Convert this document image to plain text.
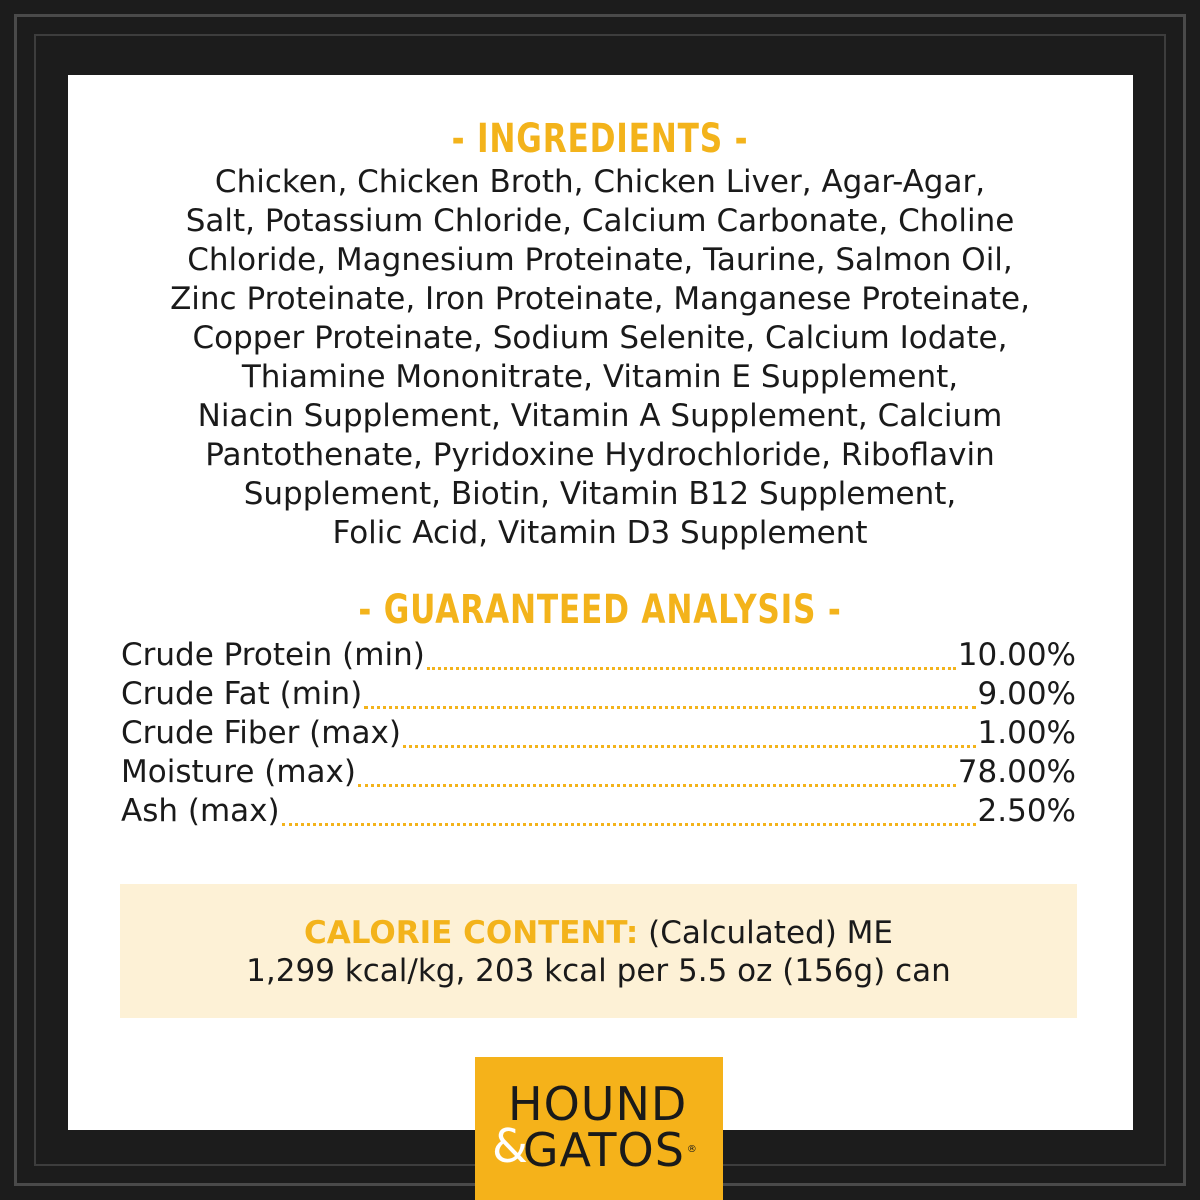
- INGREDIENTS -
Chicken, Chicken Broth, Chicken Liver, Agar-Agar,
Salt, Potassium Chloride, Calcium Carbonate, Choline
Chloride, Magnesium Proteinate, Taurine, Salmon Oil,
Zinc Proteinate, Iron Proteinate, Manganese Proteinate,
Copper Proteinate, Sodium Selenite, Calcium Iodate,
Thiamine Mononitrate, Vitamin E Supplement,
Niacin Supplement, Vitamin A Supplement, Calcium
Pantothenate, Pyridoxine Hydrochloride, Riboflavin
Supplement, Biotin, Vitamin B12 Supplement,
Folic Acid, Vitamin D3 Supplement
- GUARANTEED ANALYSIS -
Crude Protein (min)	10.00%
Crude Fat (min)	9.00%
Crude Fiber (max)	1.00%
Moisture (max)	78.00%
Ash (max)	2.50%
CALORIE CONTENT: (Calculated) ME
1,299 kcal/kg, 203 kcal per 5.5 oz (156g) can
HOUND
&GATOS ®
